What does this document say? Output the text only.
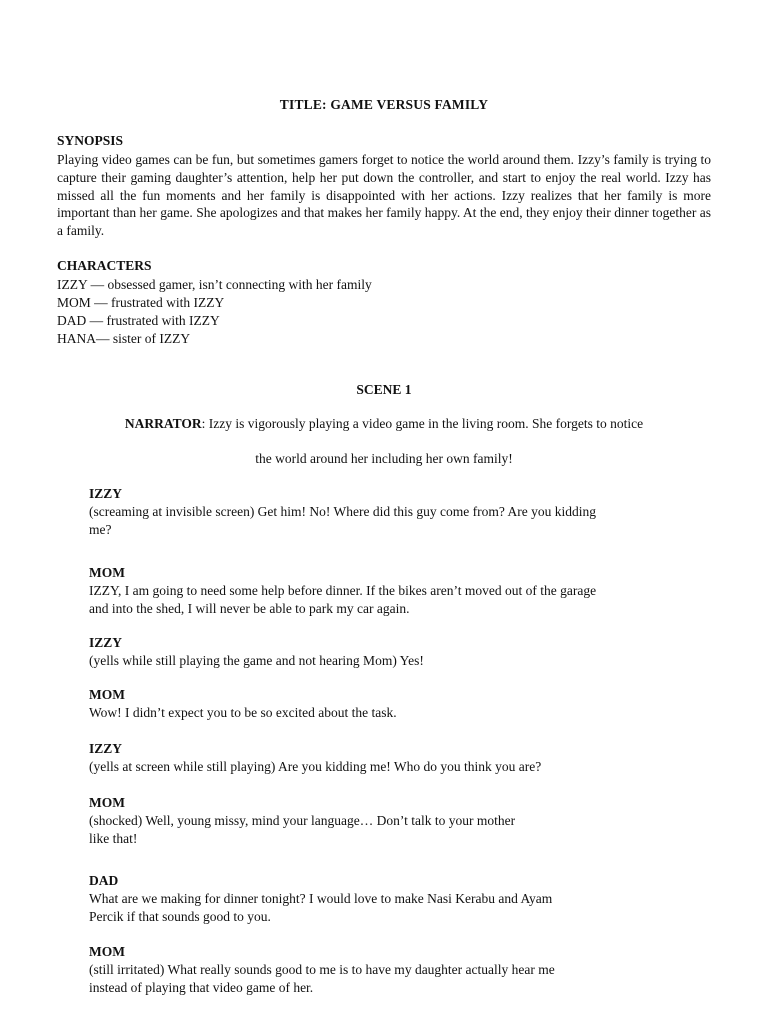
TITLE: GAME VERSUS FAMILY
SYNOPSIS
Playing video games can be fun, but sometimes gamers forget to notice the world around them. Izzy’s family is trying to capture their gaming daughter’s attention, help her put down the controller, and start to enjoy the real world. Izzy has missed all the fun moments and her family is disappointed with her actions. Izzy realizes that her family is more important than her game. She apologizes and that makes her family happy. At the end, they enjoy their dinner together as a family.
CHARACTERS
IZZY — obsessed gamer, isn’t connecting with her family
MOM — frustrated with IZZY
DAD — frustrated with IZZY
HANA— sister of IZZY
SCENE 1
NARRATOR: Izzy is vigorously playing a video game in the living room. She forgets to notice
the world around her including her own family!
IZZY
(screaming at invisible screen) Get him! No! Where did this guy come from? Are you kidding
me?
MOM
IZZY, I am going to need some help before dinner. If the bikes aren’t moved out of the garage
and into the shed, I will never be able to park my car again.
IZZY
(yells while still playing the game and not hearing Mom) Yes!
MOM
Wow! I didn’t expect you to be so excited about the task.
IZZY
(yells at screen while still playing) Are you kidding me! Who do you think you are?
MOM
(shocked) Well, young missy, mind your language… Don’t talk to your mother
like that!
DAD
What are we making for dinner tonight? I would love to make Nasi Kerabu and Ayam
Percik if that sounds good to you.
MOM
(still irritated) What really sounds good to me is to have my daughter actually hear me
instead of playing that video game of her.
